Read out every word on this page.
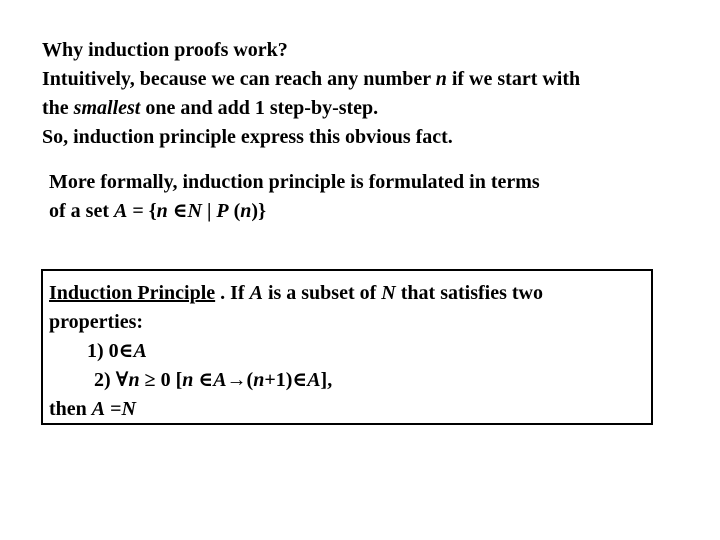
Why induction proofs work?
Intuitively, because we can reach any number n if we start with
the smallest one and add 1 step-by-step.
So, induction principle express this obvious fact.
More formally, induction principle is formulated in terms
of a set A = {n ∈N | P (n)}
Induction Principle . If A is a subset of N that satisfies two
properties:
1) 0∈A
2) ∀n ≥ 0 [n ∈A→(n+1)∈A],
then A =N
